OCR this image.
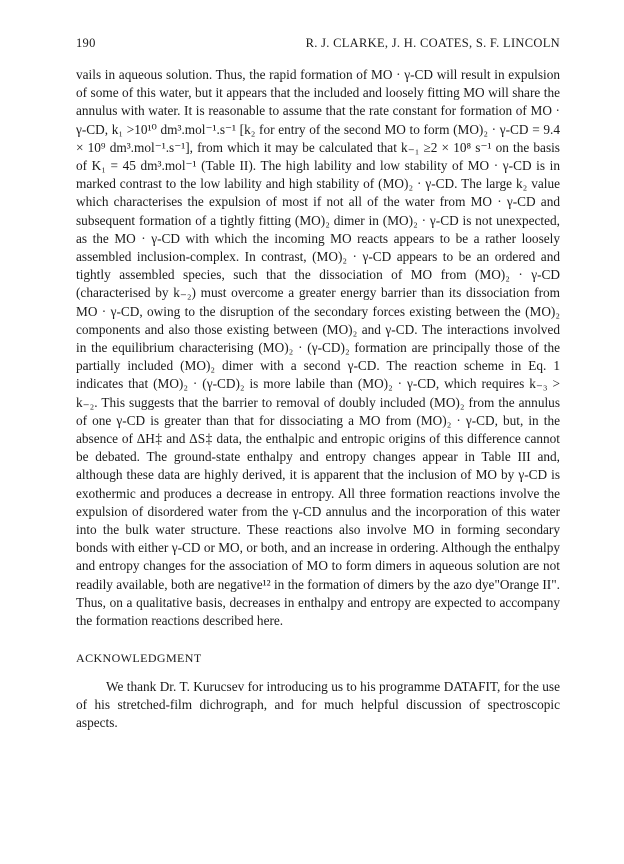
190	R. J. CLARKE, J. H. COATES, S. F. LINCOLN

vails in aqueous solution. Thus, the rapid formation of MO · γ-CD will result in expulsion of some of this water, but it appears that the included and loosely fitting MO will share the annulus with water. It is reasonable to assume that the rate constant for formation of MO · γ-CD, k₁ >10¹⁰ dm³.mol⁻¹.s⁻¹ [k₂ for entry of the second MO to form (MO)₂ · γ-CD = 9.4 × 10⁹ dm³.mol⁻¹.s⁻¹], from which it may be calculated that k₋₁ ≥2 × 10⁸ s⁻¹ on the basis of K₁ = 45 dm³.mol⁻¹ (Table II). The high lability and low stability of MO · γ-CD is in marked contrast to the low lability and high stability of (MO)₂ · γ-CD. The large k₂ value which characterises the expulsion of most if not all of the water from MO · γ-CD and subsequent formation of a tightly fitting (MO)₂ dimer in (MO)₂ · γ-CD is not unexpected, as the MO · γ-CD with which the incoming MO reacts appears to be a rather loosely assembled inclusion-complex. In contrast, (MO)₂ · γ-CD appears to be an ordered and tightly assembled species, such that the dissociation of MO from (MO)₂ · γ-CD (characterised by k₋₂) must overcome a greater energy barrier than its dissociation from MO · γ-CD, owing to the disruption of the secondary forces existing between the (MO)₂ components and also those existing between (MO)₂ and γ-CD. The interactions involved in the equilibrium characterising (MO)₂ · (γ-CD)₂ formation are principally those of the partially included (MO)₂ dimer with a second γ-CD. The reaction scheme in Eq. 1 indicates that (MO)₂ · (γ-CD)₂ is more labile than (MO)₂ · γ-CD, which requires k₋₃ > k₋₂. This suggests that the barrier to removal of doubly included (MO)₂ from the annulus of one γ-CD is greater than that for dissociating a MO from (MO)₂ · γ-CD, but, in the absence of ΔH‡ and ΔS‡ data, the enthalpic and entropic origins of this difference cannot be debated. The ground-state enthalpy and entropy changes appear in Table III and, although these data are highly derived, it is apparent that the inclusion of MO by γ-CD is exothermic and produces a decrease in entropy. All three formation reactions involve the expulsion of disordered water from the γ-CD annulus and the incorporation of this water into the bulk water structure. These reactions also involve MO in forming secondary bonds with either γ-CD or MO, or both, and an increase in ordering. Although the enthalpy and entropy changes for the association of MO to form dimers in aqueous solution are not readily available, both are negative¹² in the formation of dimers by the azo dye"Orange II". Thus, on a qualitative basis, decreases in enthalpy and entropy are expected to accompany the formation reactions described here.

ACKNOWLEDGMENT

We thank Dr. T. Kurucsev for introducing us to his programme DATAFIT, for the use of his stretched-film dichrograph, and for much helpful discussion of spectroscopic aspects.
